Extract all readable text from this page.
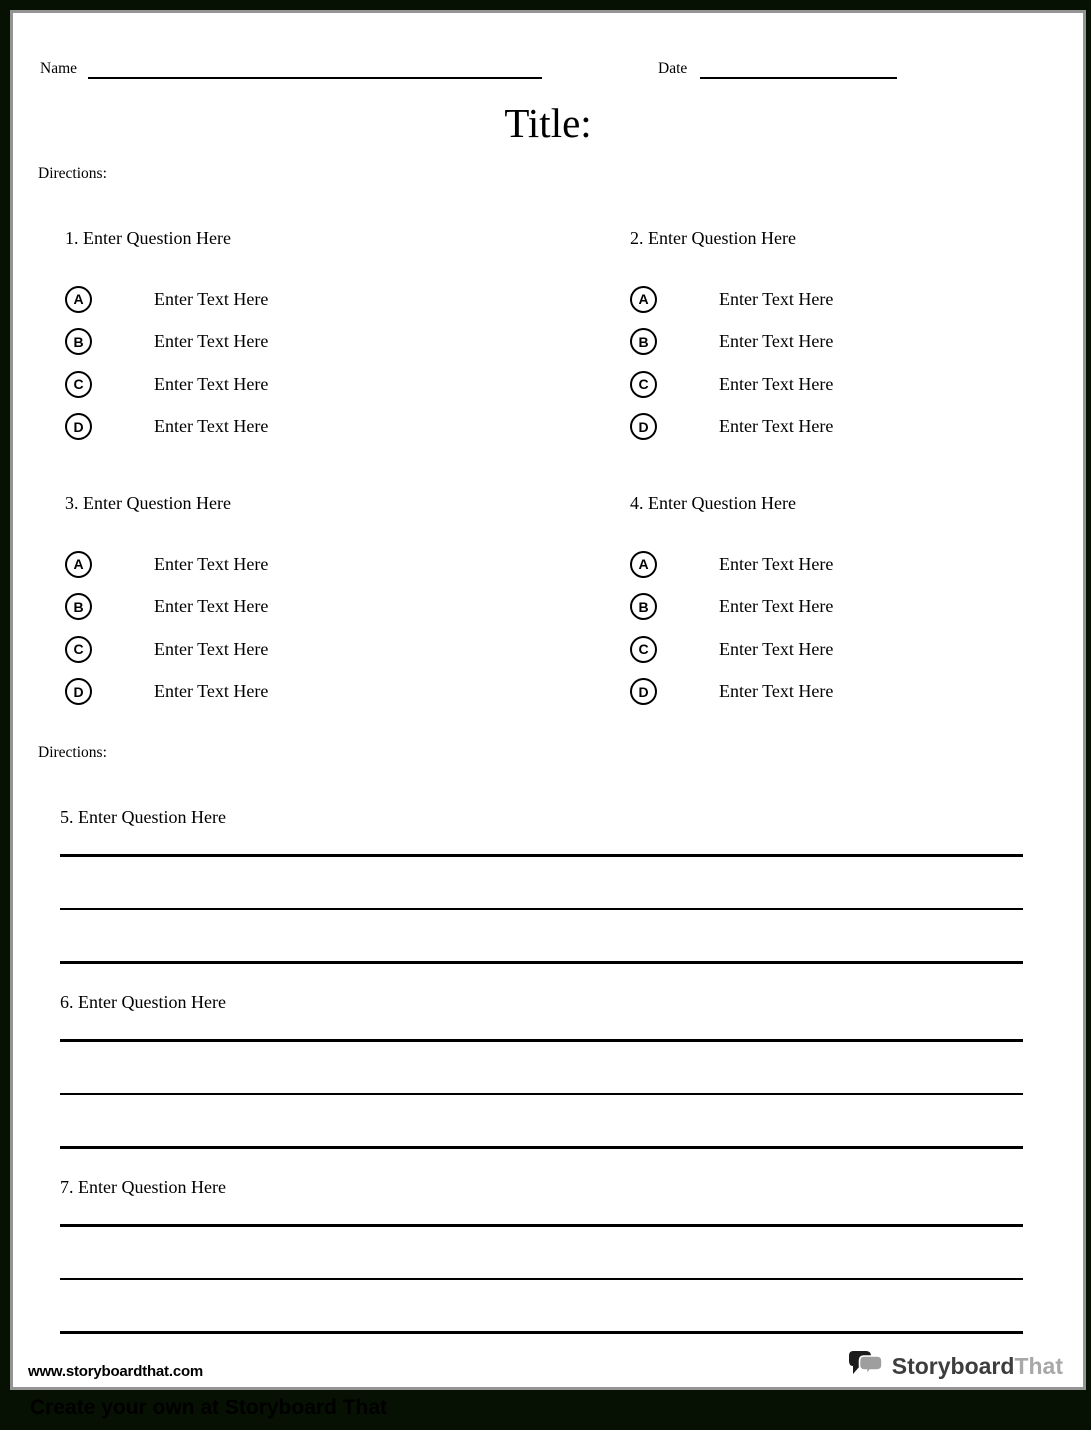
Name	Date
Title:
Directions:
1. Enter Question Here
A	Enter Text Here
B	Enter Text Here
C	Enter Text Here
D	Enter Text Here
2. Enter Question Here
A	Enter Text Here
B	Enter Text Here
C	Enter Text Here
D	Enter Text Here
3. Enter Question Here
A	Enter Text Here
B	Enter Text Here
C	Enter Text Here
D	Enter Text Here
4. Enter Question Here
A	Enter Text Here
B	Enter Text Here
C	Enter Text Here
D	Enter Text Here
Directions:
5. Enter Question Here
6. Enter Question Here
7. Enter Question Here
www.storyboardthat.com	StoryboardThat
Create your own at Storyboard That
